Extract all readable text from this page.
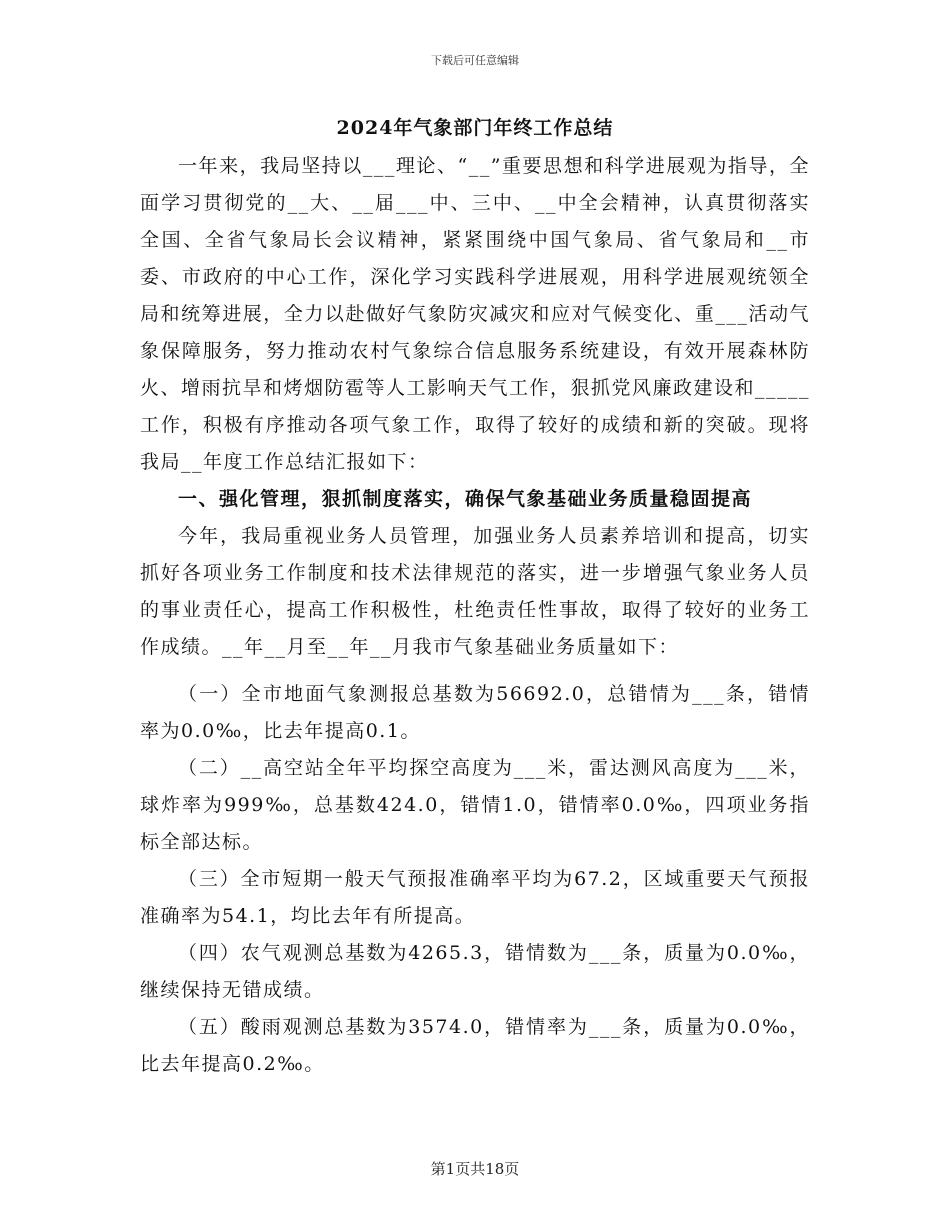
下载后可任意编辑
2024年气象部门年终工作总结

一年来，我局坚持以___理论、“__”重要思想和科学进展观为指导，全面学习贯彻党的__大、__届___中、三中、__中全会精神，认真贯彻落实全国、全省气象局长会议精神，紧紧围绕中国气象局、省气象局和__市委、市政府的中心工作，深化学习实践科学进展观，用科学进展观统领全局和统筹进展，全力以赴做好气象防灾减灾和应对气候变化、重___活动气象保障服务，努力推动农村气象综合信息服务系统建设，有效开展森林防火、增雨抗旱和烤烟防雹等人工影响天气工作，狠抓党风廉政建设和_____工作，积极有序推动各项气象工作，取得了较好的成绩和新的突破。现将我局__年度工作总结汇报如下：

一、强化管理，狠抓制度落实，确保气象基础业务质量稳固提高

今年，我局重视业务人员管理，加强业务人员素养培训和提高，切实抓好各项业务工作制度和技术法律规范的落实，进一步增强气象业务人员的事业责任心，提高工作积极性，杜绝责任性事故，取得了较好的业务工作成绩。__年__月至__年__月我市气象基础业务质量如下：

（一）全市地面气象测报总基数为56692.0，总错情为___条，错情率为0.0‰，比去年提高0.1。

（二）__高空站全年平均探空高度为___米，雷达测风高度为___米，球炸率为999‰，总基数424.0，错情1.0，错情率0.0‰，四项业务指标全部达标。

（三）全市短期一般天气预报准确率平均为67.2，区域重要天气预报准确率为54.1，均比去年有所提高。

（四）农气观测总基数为4265.3，错情数为___条，质量为0.0‰，继续保持无错成绩。

（五）酸雨观测总基数为3574.0，错情率为___条，质量为0.0‰，比去年提高0.2‰。

第1页共18页
